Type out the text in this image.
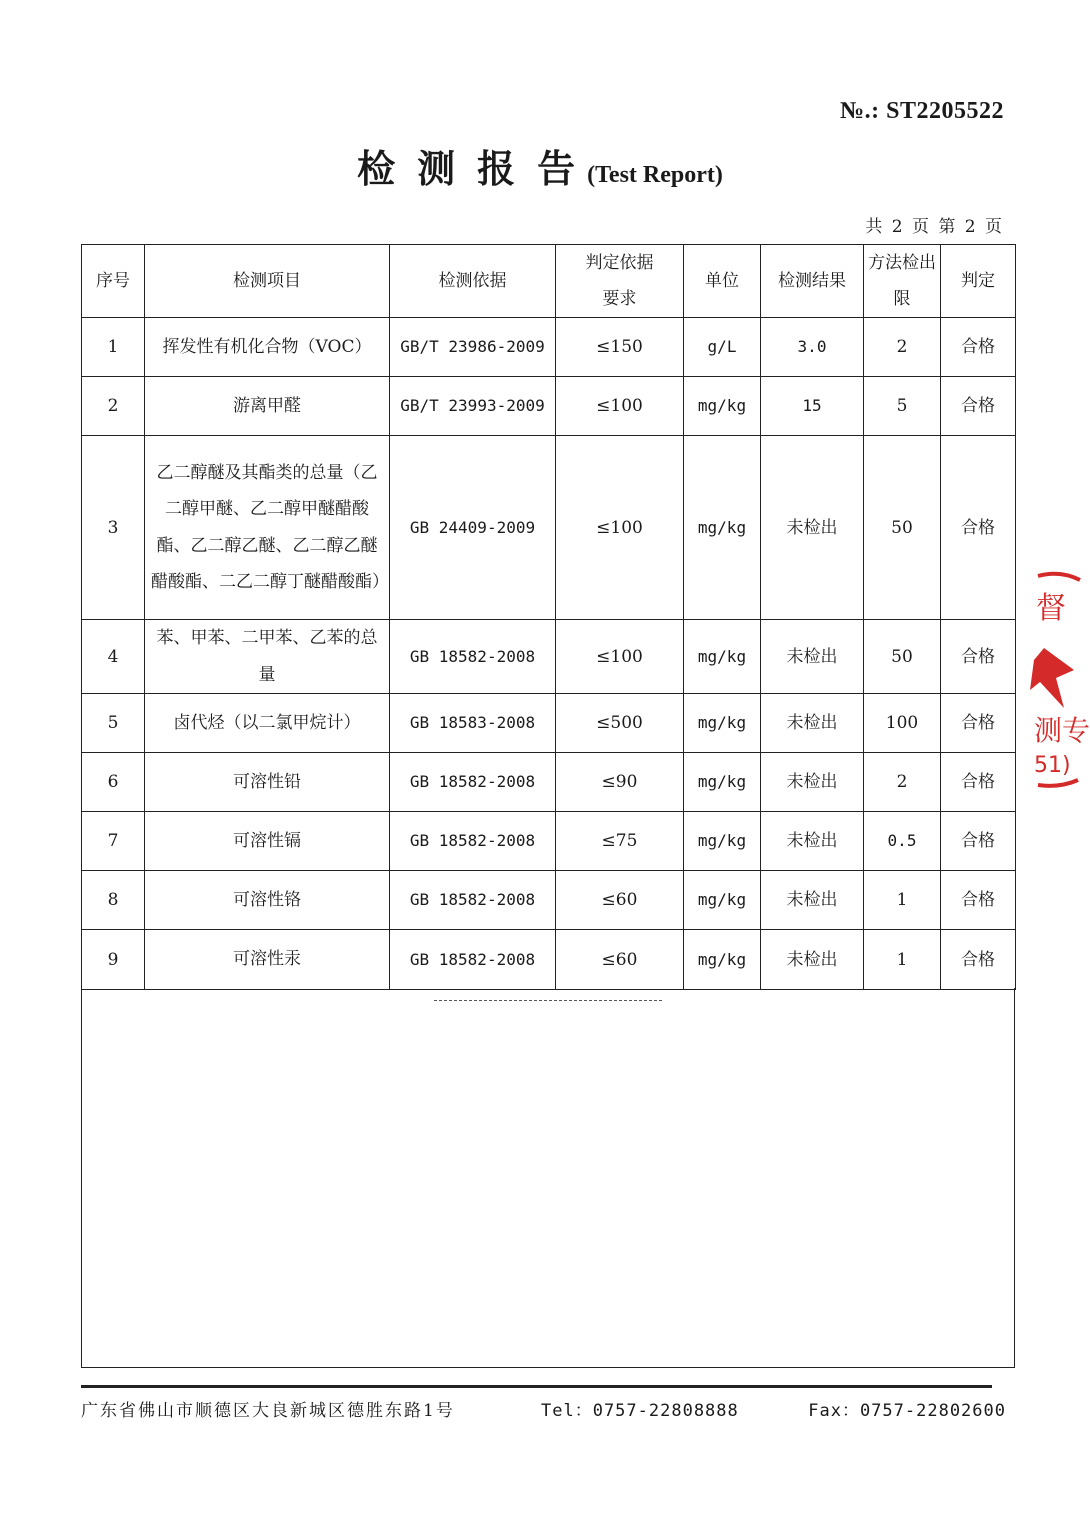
№.: ST2205522
检测报告(Test Report)
共 2 页 第 2 页
序号	检测项目	检测依据	判定依据要求	单位	检测结果	方法检出限	判定
1	挥发性有机化合物（VOC）	GB/T 23986-2009	≤150	g/L	3.0	2	合格
2	游离甲醛	GB/T 23993-2009	≤100	mg/kg	15	5	合格
3	乙二醇醚及其酯类的总量（乙二醇甲醚、乙二醇甲醚醋酸酯、乙二醇乙醚、乙二醇乙醚醋酸酯、二乙二醇丁醚醋酸酯）	GB 24409-2009	≤100	mg/kg	未检出	50	合格
4	苯、甲苯、二甲苯、乙苯的总量	GB 18582-2008	≤100	mg/kg	未检出	50	合格
5	卤代烃（以二氯甲烷计）	GB 18583-2008	≤500	mg/kg	未检出	100	合格
6	可溶性铅	GB 18582-2008	≤90	mg/kg	未检出	2	合格
7	可溶性镉	GB 18582-2008	≤75	mg/kg	未检出	0.5	合格
8	可溶性铬	GB 18582-2008	≤60	mg/kg	未检出	1	合格
9	可溶性汞	GB 18582-2008	≤60	mg/kg	未检出	1	合格
广东省佛山市顺德区大良新城区德胜东路1号	Tel：0757-22808888	Fax：0757-22802600
督
测专
51)
